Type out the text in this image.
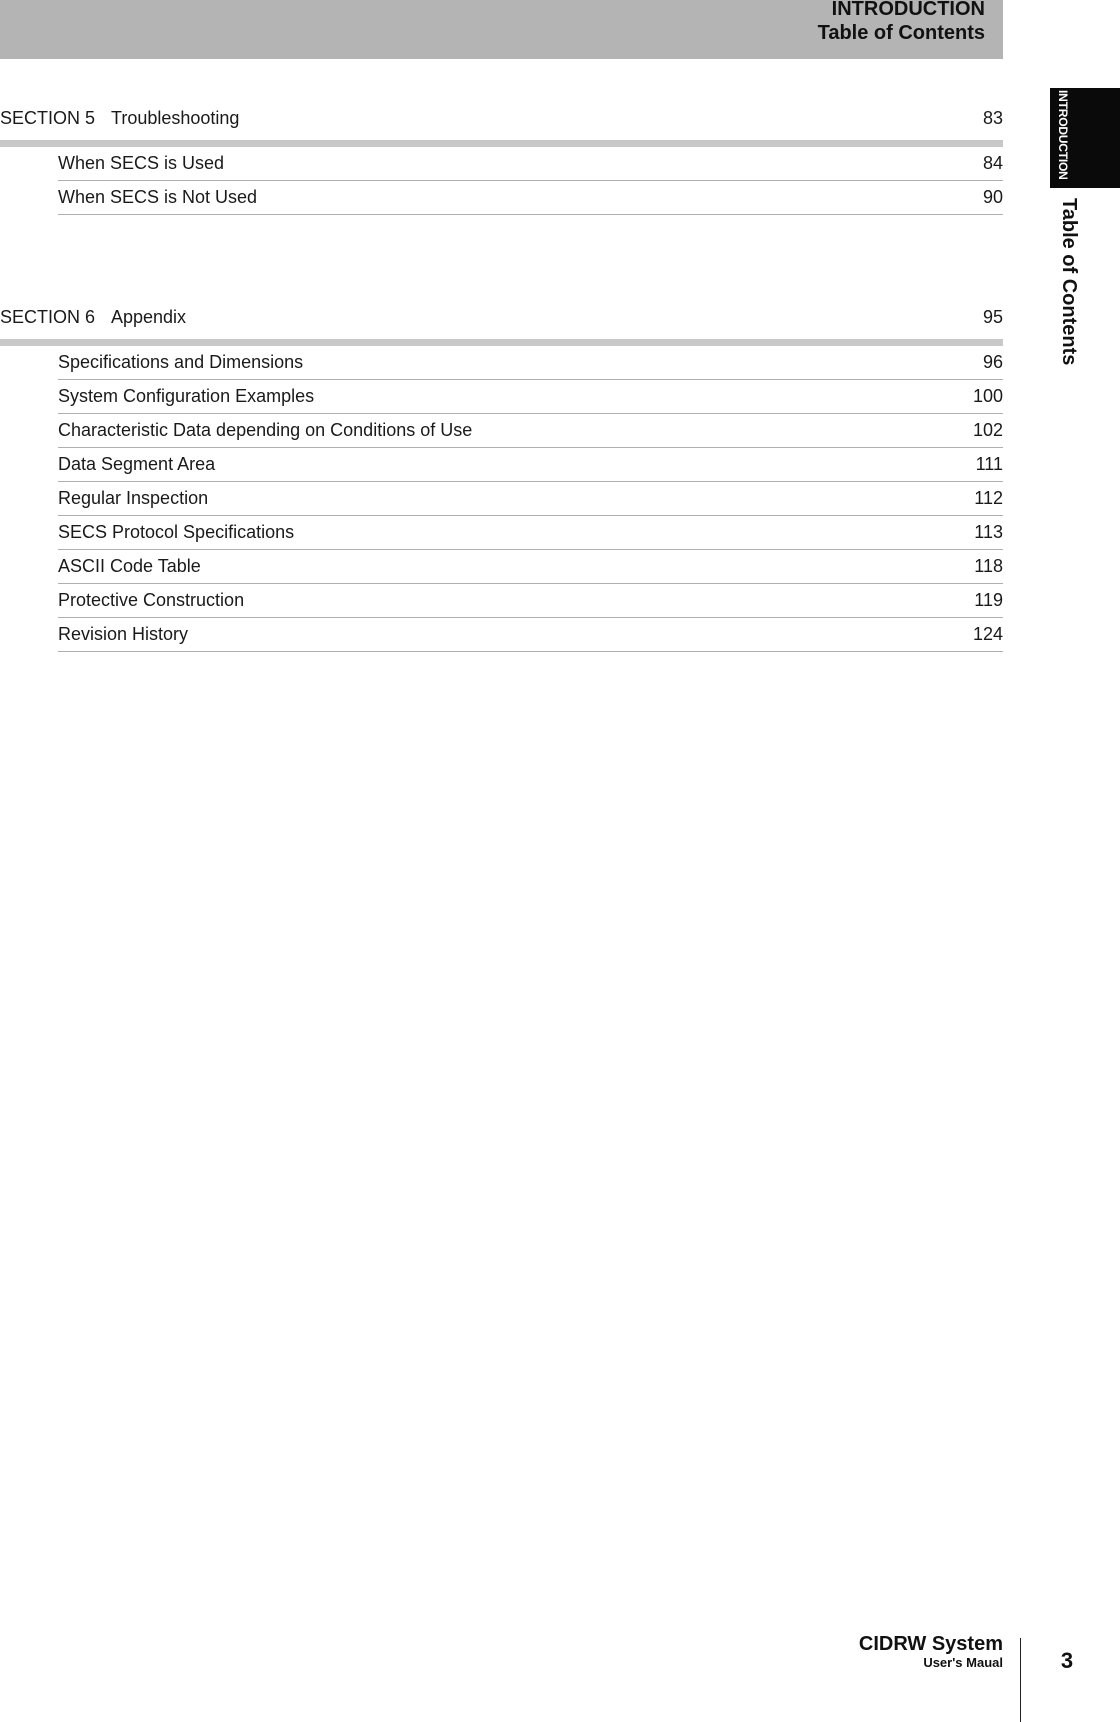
INTRODUCTION
Table of Contents
INTRODUCTION
Table of Contents
SECTION 5 Troubleshooting	83
When SECS is Used	84
When SECS is Not Used	90
SECTION 6 Appendix	95
Specifications and Dimensions	96
System Configuration Examples	100
Characteristic Data depending on Conditions of Use	102
Data Segment Area	111
Regular Inspection	112
SECS Protocol Specifications	113
ASCII Code Table	118
Protective Construction	119
Revision History	124
CIDRW System
User's Maual	3
